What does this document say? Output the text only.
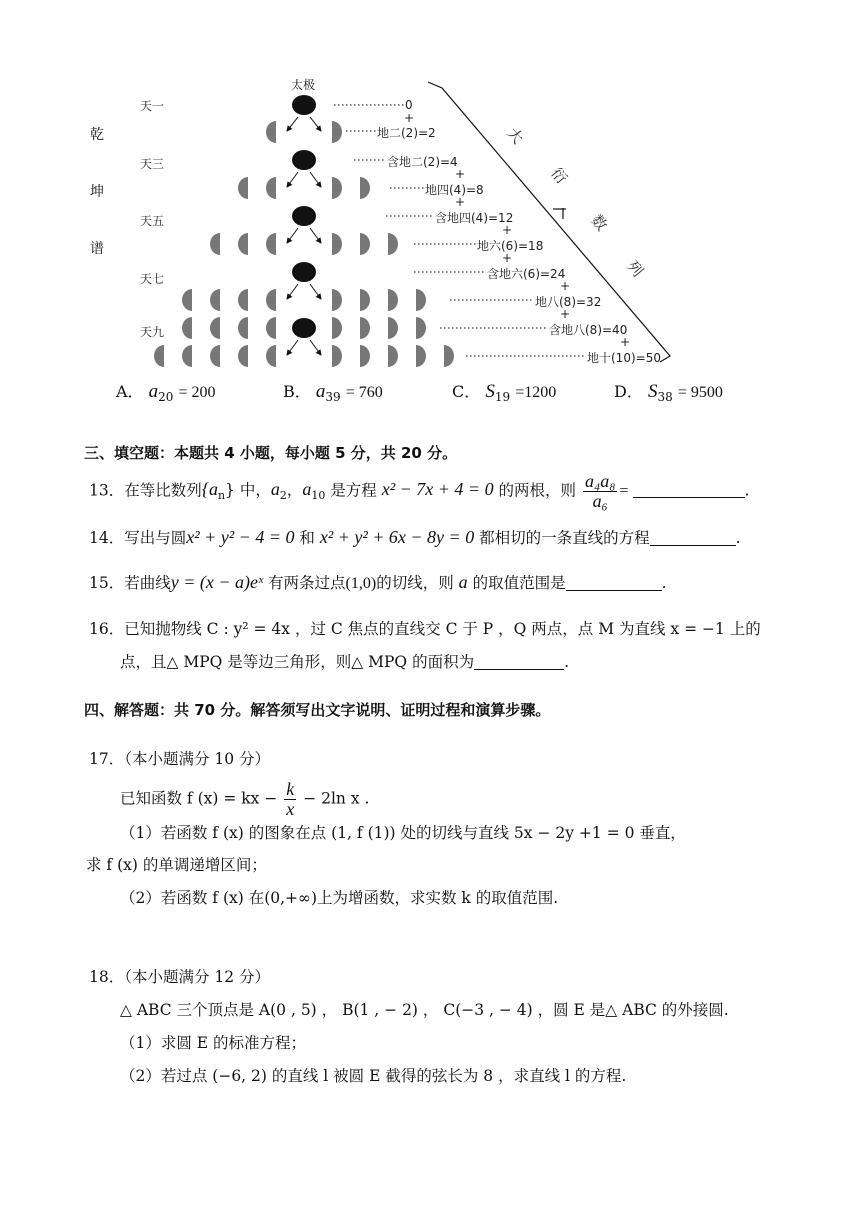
乾
坤
谱
天一
天三
天五
天七
天九
太极
0
+
地二(2)=2
含地二(2)=4
+
地四(4)=8
+
含地四(4)=12
+
地六(6)=18
+
含地六(6)=24
+
地八(8)=32
+
含地八(8)=40
+
地十(10)=50
大
衍
数
列
A． $a_{20} = 200$	B． $a_{39} = 760$	C． $S_{19} =1200$	D． $S_{38} = 9500$
三、填空题：本题共 4 小题，每小题 5 分，共 20 分。
13．在等比数列$\{a_n\}$ 中，$a_2$，$a_{10}$ 是方程 x² − 7x + 4 = 0 的两根，则 $\frac{\text{a₄a₈}}{\text{a₆}}$ =	.
14．写出与圆x² + y² − 4 = 0 和 x² + y² + 6x − 8y = 0 都相切的一条直线的方程	.
15．若曲线y = (x − a)eˣ 有两条过点(1,0)的切线，则 a 的取值范围是	.
16．已知抛物线 C : y² = 4x ，过 C 焦点的直线交 C 于 P ，Q 两点，点 M 为直线 x = −1 上的
点，且△ MPQ 是等边三角形，则△ MPQ 的面积为	.
四、解答题：共 70 分。解答须写出文字说明、证明过程和演算步骤。
17．（本小题满分 10 分）
已知函数 f (x) = kx − $\frac{k}{x} - 2\ln$ x .
（1）若函数 f (x) 的图象在点 (1, f (1)) 处的切线与直线 5x − 2y +1 = 0 垂直，
求 f (x) 的单调递增区间；
（2）若函数 f (x) 在(0,+∞)上为增函数，求实数 k 的取值范围.
18．（本小题满分 12 分）
△ ABC 三个顶点是 A(0 , 5) ， B(1 , − 2) ， C(−3 , − 4) ，圆 E 是△ ABC 的外接圆.
（1）求圆 E 的标准方程；
（2）若过点 (−6, 2) 的直线 l 被圆 E 截得的弦长为 8 ，求直线 l 的方程.
